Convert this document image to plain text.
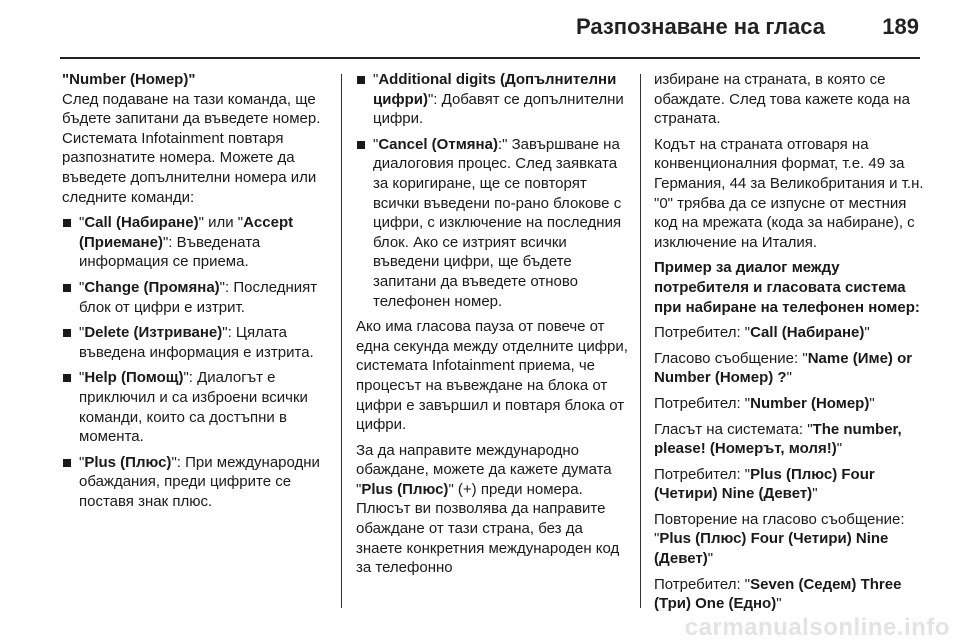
Разпознаване на гласа	189

"Number (Номер)"

След подаване на тази команда, ще бъдете запитани да въведете номер. Системата Infotainment повтаря разпознатите номера. Можете да въведете допълнителни номера или следните команди:

"Call (Набиране)" или "Accept (Приемане)": Въведената информация се приема.
"Change (Промяна)": Последният блок от цифри е изтрит.
"Delete (Изтриване)": Цялата въведена информация е изтрита.
"Help (Помощ)": Диалогът е приключил и са изброени всички команди, които са достъпни в момента.
"Plus (Плюс)": При международни обаждания, преди цифрите се поставя знак плюс.
"Additional digits (Допълнителни цифри)": Добавят се допълнителни цифри.
"Cancel (Отмяна):" Завършване на диалоговия процес. След заявката за коригиране, ще се повторят всички въведени по-рано блокове с цифри, с изключение на последния блок. Ако се изтрият всички въведени цифри, ще бъдете запитани да въведете отново телефонен номер.

Ако има гласова пауза от повече от една секунда между отделните цифри, системата Infotainment приема, че процесът на въвеждане на блока от цифри е завършил и повтаря блока от цифри.

За да направите международно обаждане, можете да кажете думата "Plus (Плюс)" (+) преди номера. Плюсът ви позволява да направите обаждане от тази страна, без да знаете конкретния международен код за телефонно

избиране на страната, в която се обаждате. След това кажете кода на страната.

Кодът на страната отговаря на конвенционалния формат, т.е. 49 за Германия, 44 за Великобритания и т.н. "0" трябва да се изпусне от местния код на мрежата (кода за набиране), с изключение на Италия.

Пример за диалог между потребителя и гласовата система при набиране на телефонен номер:

Потребител: "Call (Набиране)"

Гласово съобщение: "Name (Име) or Number (Номер) ?"

Потребител: "Number (Номер)"

Гласът на системата: "The number, please! (Номерът, моля!)"

Потребител: "Plus (Плюс) Four (Четири) Nine (Девет)"

Повторение на гласово съобщение: "Plus (Плюс) Four (Четири) Nine (Девет)"

Потребител: "Seven (Седем) Three (Три) One (Едно)"

carmanualsonline.info
